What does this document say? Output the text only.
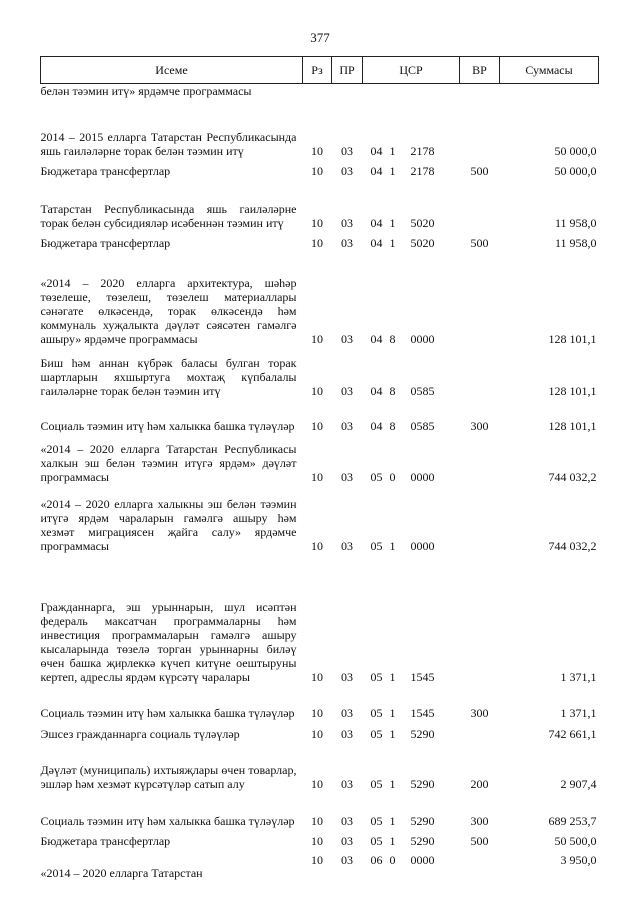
377
Исеме	Рз	ПР	ЦСР			ВР	Суммасы
белән тәэмин итү» ярдәмче программасы							
2014 – 2015 елларга Татарстан Республикасында яшь гаиләләрне торак белән тәэмин итү	10	03	04	1	2178		50 000,0
Бюджетара трансфертлар	10	03	04	1	2178	500	50 000,0
Татарстан Республикасында яшь гаиләләрне торак белән субсидияләр исәбеннән тәэмин итү	10	03	04	1	5020		11 958,0
Бюджетара трансфертлар	10	03	04	1	5020	500	11 958,0
«2014 – 2020 елларга архитектура, шәһәр төзелеше, төзелеш, төзелеш материаллары сәнәгате өлкәсендә, торак өлкәсендә һәм коммуналь хуҗалыкта дәүләт сәясәтен гамәлгә ашыру» ярдәмче программасы	10	03	04	8	0000		128 101,1
Биш һәм аннан күбрәк баласы булган торак шартларын яхшыртуга мохтаҗ күпбалалы гаиләләрне торак белән тәэмин итү	10	03	04	8	0585		128 101,1
Социаль тәэмин итү һәм халыкка башка түләүләр	10	03	04	8	0585	300	128 101,1
«2014 – 2020 елларга Татарстан Республикасы халкын эш белән тәэмин итүгә ярдәм» дәүләт программасы	10	03	05	0	0000		744 032,2
«2014 – 2020 елларга халыкны эш белән тәэмин итүгә ярдәм чараларын гамәлгә ашыру һәм хезмәт миграциясен җайга салу» ярдәмче программасы	10	03	05	1	0000		744 032,2
Гражданнарга, эш урыннарын, шул исәптән федераль максатчан программаларны һәм инвестиция программаларын гамәлгә ашыру кысаларында төзелә торган урыннарны биләү өчен башка җирлеккә күчеп китүне оештыруны кертеп, адреслы ярдәм күрсәтү чаралары	10	03	05	1	1545		1 371,1
Социаль тәэмин итү һәм халыкка башка түләүләр	10	03	05	1	1545	300	1 371,1
Эшсез гражданнарга социаль түләүләр	10	03	05	1	5290		742 661,1
Дәүләт (муниципаль) ихтыяҗлары өчен товарлар, эшләр һәм хезмәт күрсәтүләр сатып алу	10	03	05	1	5290	200	2 907,4
Социаль тәэмин итү һәм халыкка башка түләүләр	10	03	05	1	5290	300	689 253,7
Бюджетара трансфертлар	10	03	05	1	5290	500	50 500,0
«2014 – 2020 елларга Татарстан	10	03	06	0	0000		3 950,0
